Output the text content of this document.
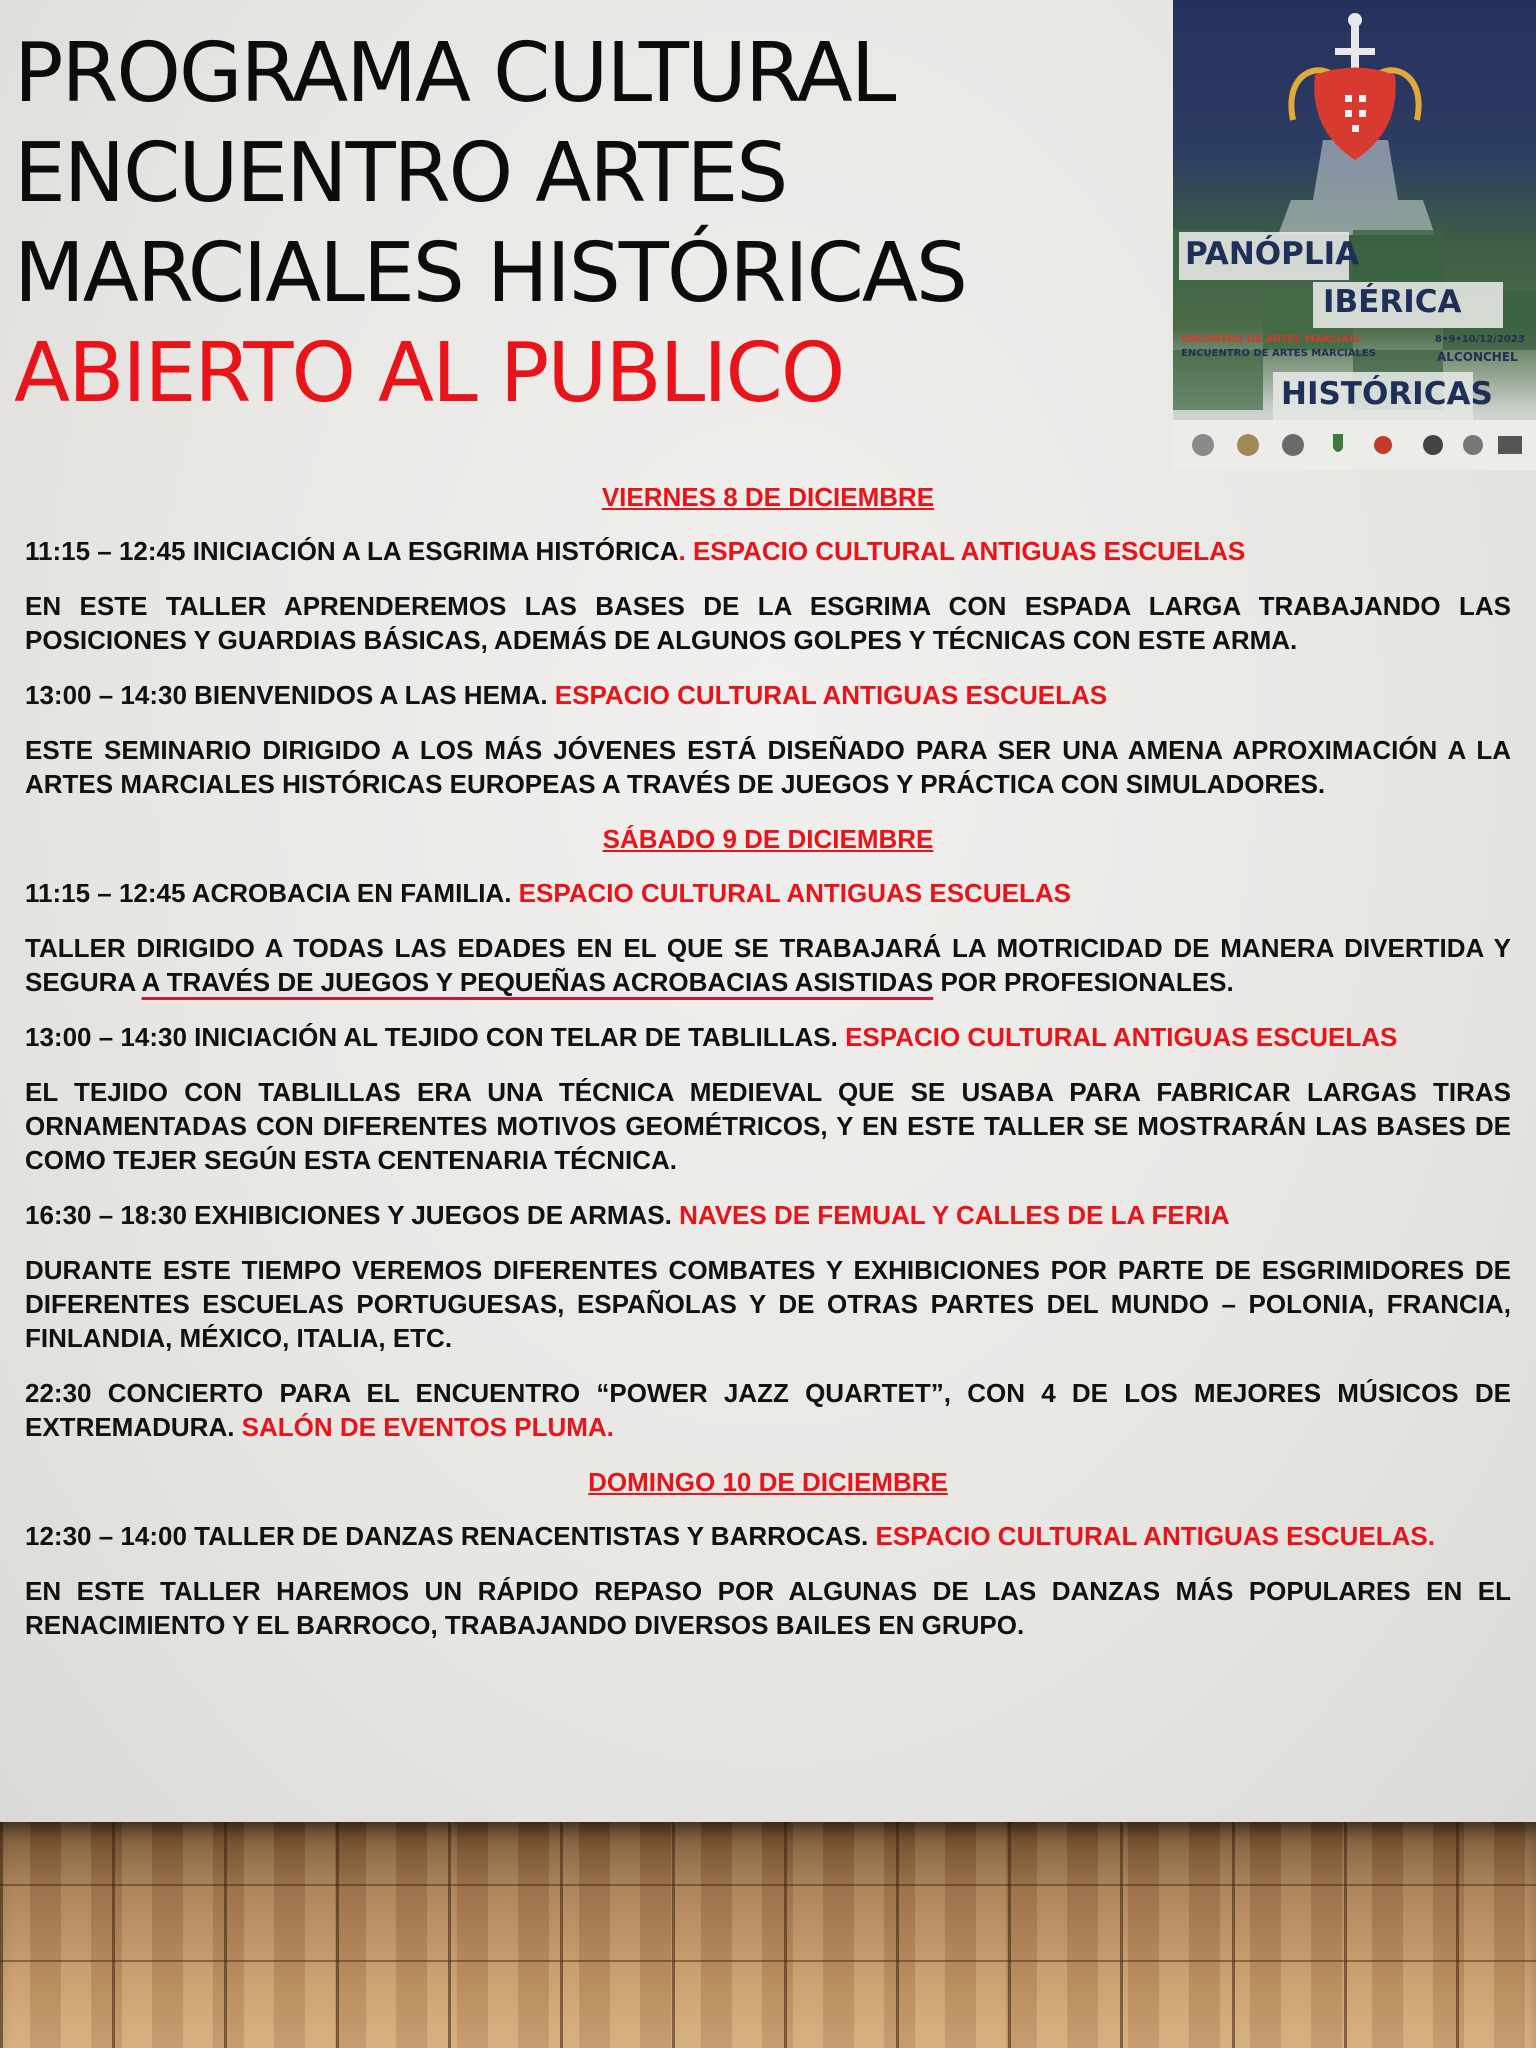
PROGRAMA CULTURAL
ENCUENTRO ARTES
MARCIALES HISTÓRICAS
ABIERTO AL PUBLICO
PANÓPLIA
IBÉRICA
ENCONTRO DE ARTES MARCIAIS
ENCUENTRO DE ARTES MARCIALES
8•9•10/12/2023
ALCONCHEL
HISTÓRICAS
VIERNES 8 DE DICIEMBRE
11:15 – 12:45 INICIACIÓN A LA ESGRIMA HISTÓRICA. ESPACIO CULTURAL ANTIGUAS ESCUELAS
EN ESTE TALLER APRENDEREMOS LAS BASES DE LA ESGRIMA CON ESPADA LARGA TRABAJANDO LAS POSICIONES Y GUARDIAS BÁSICAS, ADEMÁS DE ALGUNOS GOLPES Y TÉCNICAS CON ESTE ARMA.
13:00 – 14:30 BIENVENIDOS A LAS HEMA. ESPACIO CULTURAL ANTIGUAS ESCUELAS
ESTE SEMINARIO DIRIGIDO A LOS MÁS JÓVENES ESTÁ DISEÑADO PARA SER UNA AMENA APROXIMACIÓN A LA ARTES MARCIALES HISTÓRICAS EUROPEAS A TRAVÉS DE JUEGOS Y PRÁCTICA CON SIMULADORES.
SÁBADO 9 DE DICIEMBRE
11:15 – 12:45 ACROBACIA EN FAMILIA. ESPACIO CULTURAL ANTIGUAS ESCUELAS
TALLER DIRIGIDO A TODAS LAS EDADES EN EL QUE SE TRABAJARÁ LA MOTRICIDAD DE MANERA DIVERTIDA Y SEGURA A TRAVÉS DE JUEGOS Y PEQUEÑAS ACROBACIAS ASISTIDAS POR PROFESIONALES.
13:00 – 14:30 INICIACIÓN AL TEJIDO CON TELAR DE TABLILLAS. ESPACIO CULTURAL ANTIGUAS ESCUELAS
EL TEJIDO CON TABLILLAS ERA UNA TÉCNICA MEDIEVAL QUE SE USABA PARA FABRICAR LARGAS TIRAS ORNAMENTADAS CON DIFERENTES MOTIVOS GEOMÉTRICOS, Y EN ESTE TALLER SE MOSTRARÁN LAS BASES DE COMO TEJER SEGÚN ESTA CENTENARIA TÉCNICA.
16:30 – 18:30 EXHIBICIONES Y JUEGOS DE ARMAS. NAVES DE FEMUAL Y CALLES DE LA FERIA
DURANTE ESTE TIEMPO VEREMOS DIFERENTES COMBATES Y EXHIBICIONES POR PARTE DE ESGRIMIDORES DE DIFERENTES ESCUELAS PORTUGUESAS, ESPAÑOLAS Y DE OTRAS PARTES DEL MUNDO – POLONIA, FRANCIA, FINLANDIA, MÉXICO, ITALIA, ETC.
22:30 CONCIERTO PARA EL ENCUENTRO “POWER JAZZ QUARTET”, CON 4 DE LOS MEJORES MÚSICOS DE EXTREMADURA. SALÓN DE EVENTOS PLUMA.
DOMINGO 10 DE DICIEMBRE
12:30 – 14:00 TALLER DE DANZAS RENACENTISTAS Y BARROCAS. ESPACIO CULTURAL ANTIGUAS ESCUELAS.
EN ESTE TALLER HAREMOS UN RÁPIDO REPASO POR ALGUNAS DE LAS DANZAS MÁS POPULARES EN EL RENACIMIENTO Y EL BARROCO, TRABAJANDO DIVERSOS BAILES EN GRUPO.
